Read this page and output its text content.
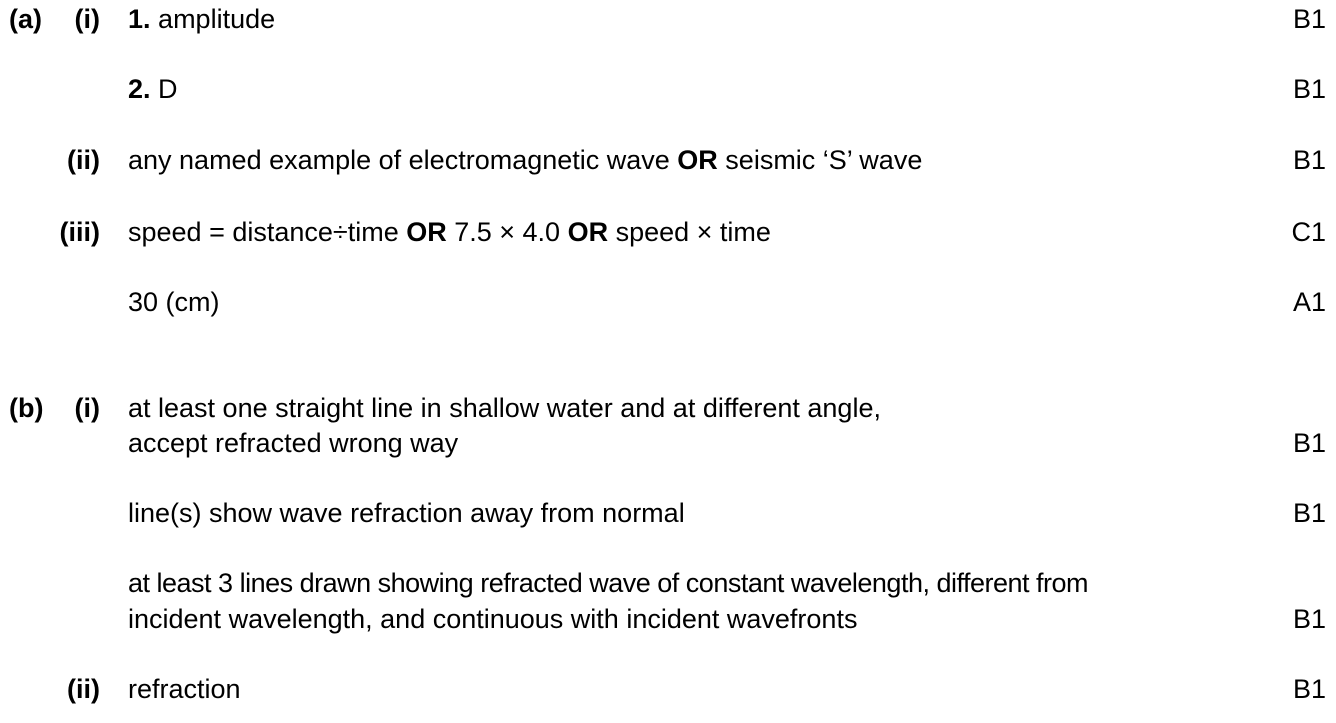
(a)	(i) 1. amplitude	B1
2. D	B1
(ii) any named example of electromagnetic wave OR seismic ‘S’ wave	B1
(iii) speed = distance÷time OR 7.5 × 4.0 OR speed × time	C1
30 (cm)	A1
(b)	(i) at least one straight line in shallow water and at different angle,
accept refracted wrong way	B1
line(s) show wave refraction away from normal	B1
at least 3 lines drawn showing refracted wave of constant wavelength, different from
incident wavelength, and continuous with incident wavefronts	B1
(ii) refraction	B1
